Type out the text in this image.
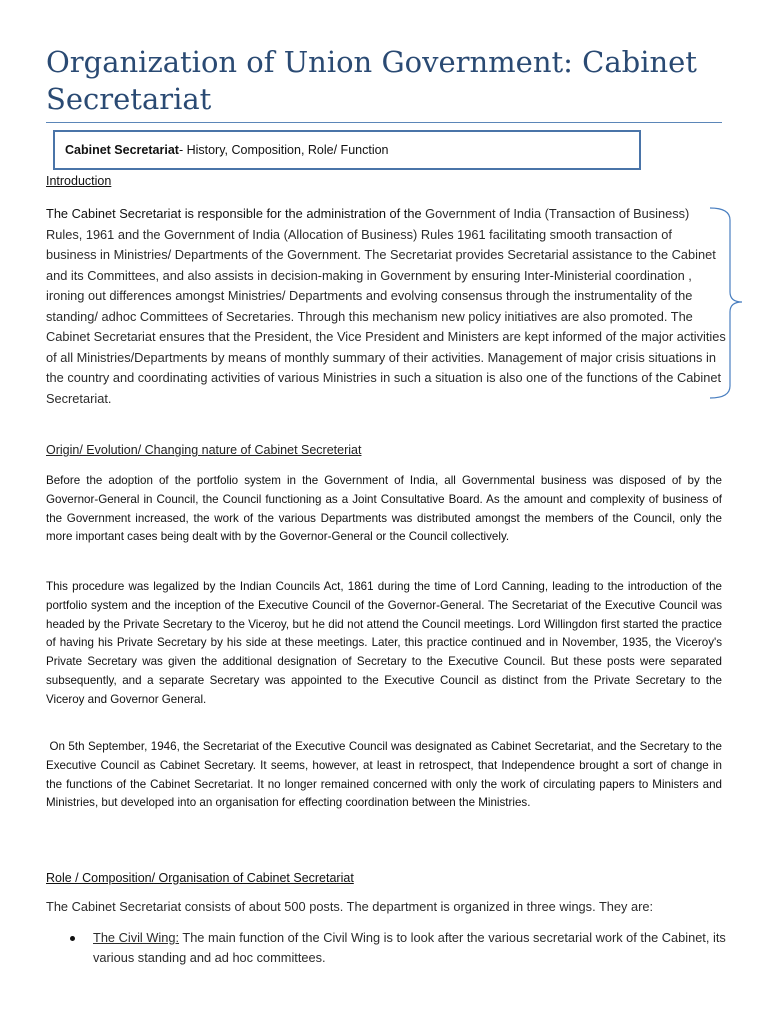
Organization of Union Government: Cabinet Secretariat
Cabinet Secretariat- History, Composition, Role/ Function
Introduction

The Cabinet Secretariat is responsible for the administration of the Government of India (Transaction of Business) Rules, 1961 and the Government of India (Allocation of Business) Rules 1961 facilitating smooth transaction of business in Ministries/ Departments of the Government. The Secretariat provides Secretarial assistance to the Cabinet and its Committees, and also assists in decision-making in Government by ensuring Inter-Ministerial coordination , ironing out differences amongst Ministries/ Departments and evolving consensus through the instrumentality of the standing/ adhoc Committees of Secretaries. Through this mechanism new policy initiatives are also promoted. The Cabinet Secretariat ensures that the President, the Vice President and Ministers are kept informed of the major activities of all Ministries/Departments by means of monthly summary of their activities. Management of major crisis situations in the country and coordinating activities of various Ministries in such a situation is also one of the functions of the Cabinet Secretariat.

Origin/ Evolution/ Changing nature of Cabinet Secreteriat

Before the adoption of the portfolio system in the Government of India, all Governmental business was disposed of by the Governor-General in Council, the Council functioning as a Joint Consultative Board. As the amount and complexity of business of the Government increased, the work of the various Departments was distributed amongst the members of the Council, only the more important cases being dealt with by the Governor-General or the Council collectively.

This procedure was legalized by the Indian Councils Act, 1861 during the time of Lord Canning, leading to the introduction of the portfolio system and the inception of the Executive Council of the Governor-General. The Secretariat of the Executive Council was headed by the Private Secretary to the Viceroy, but he did not attend the Council meetings. Lord Willingdon first started the practice of having his Private Secretary by his side at these meetings. Later, this practice continued and in November, 1935, the Viceroy's Private Secretary was given the additional designation of Secretary to the Executive Council. But these posts were separated subsequently, and a separate Secretary was appointed to the Executive Council as distinct from the Private Secretary to the Viceroy and Governor General.

On 5th September, 1946, the Secretariat of the Executive Council was designated as Cabinet Secretariat, and the Secretary to the Executive Council as Cabinet Secretary. It seems, however, at least in retrospect, that Independence brought a sort of change in the functions of the Cabinet Secretariat. It no longer remained concerned with only the work of circulating papers to Ministers and Ministries, but developed into an organisation for effecting coordination between the Ministries.

Role / Composition/ Organisation of Cabinet Secretariat

The Cabinet Secretariat consists of about 500 posts. The department is organized in three wings. They are:

The Civil Wing: The main function of the Civil Wing is to look after the various secretarial work of the Cabinet, its various standing and ad hoc committees.
